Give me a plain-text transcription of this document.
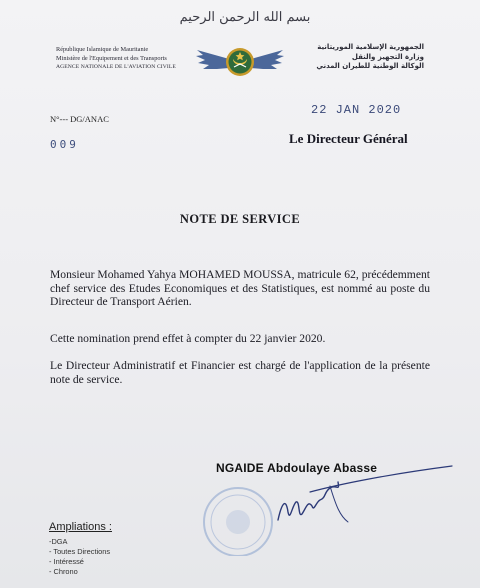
بسم الله الرحمن الرحيم
République Islamique de Mauritanie
Ministère de l'Equipement et des Transports
AGENCE NATIONALE DE L'AVIATION CIVILE
الجمهورية الإسلامية الموريتانية
وزارة التجهيز والنقل
الوكالة الوطنية للطيران المدني
N°--- DG/ANAC
22 JAN 2020
Le Directeur Général
009
NOTE DE SERVICE

Monsieur Mohamed Yahya MOHAMED MOUSSA, matricule 62, précédemment chef service des Etudes Economiques et des Statistiques, est nommé au poste du Directeur de Transport Aérien.

Cette nomination prend effet à compter du 22 janvier 2020.

Le Directeur Administratif et Financier est chargé de l'application de la présente note de service.

NGAIDE Abdoulaye Abasse
Ampliations :
-DGA
- Toutes Directions
- Intéressé
- Chrono
